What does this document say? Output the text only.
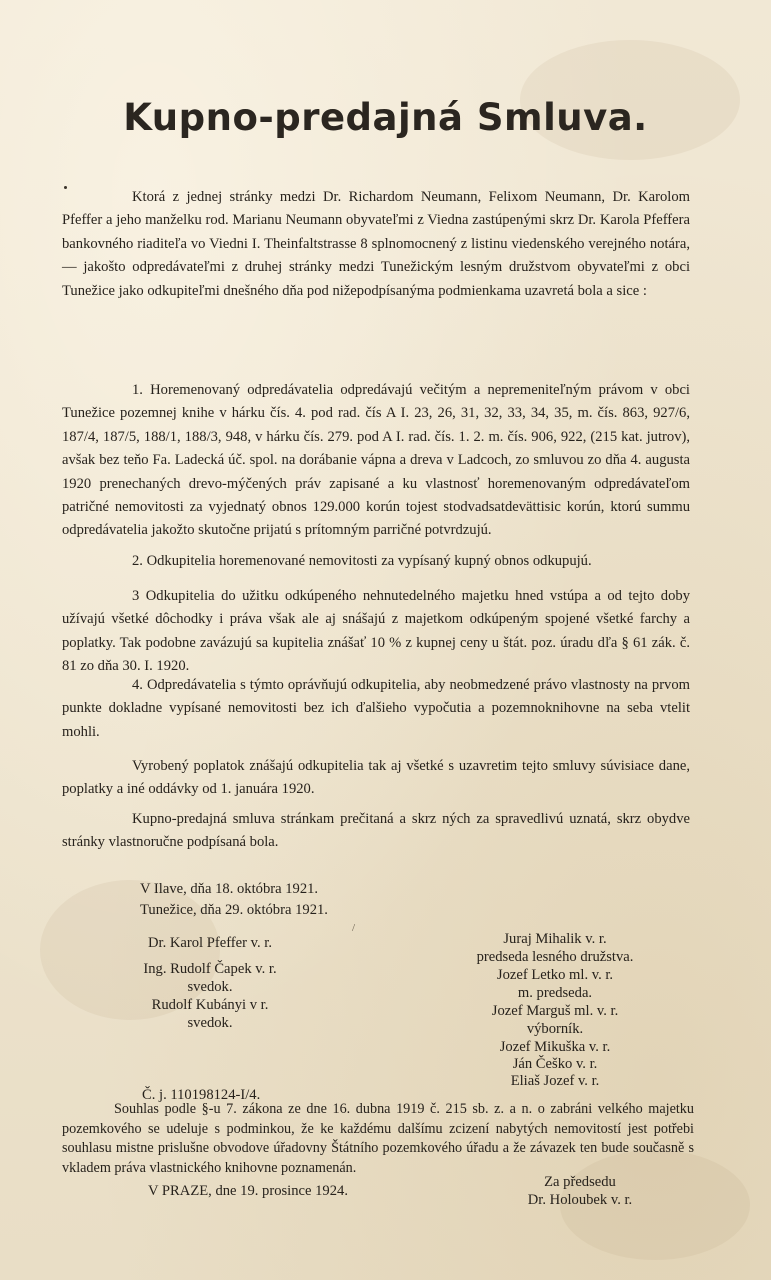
Kupno-predajná Smluva.

Ktorá z jednej stránky medzi Dr. Richardom Neumann, Felixom Neumann, Dr. Karolom Pfeffer a jeho manželku rod. Marianu Neumann obyvateľmi z Viedna zastúpenými skrz Dr. Karola Pfeffera bankovného riaditeľa vo Viedni I. Theinfaltstrasse 8 splnomocnený z listinu viedenského verejného notára, — jakošto odpredávateľmi z druhej stránky medzi Tunežickým lesným družstvom obyvateľmi z obci Tunežice jako odkupiteľmi dnešného dňa pod nižepodpísanýma podmienkama uzavretá bola a sice :

1. Horemenovaný odpredávatelia odpredávajú večitým a nepremeniteľným právom v obci Tunežice pozemnej knihe v hárku čís. 4. pod rad. čís A I. 23, 26, 31, 32, 33, 34, 35, m. čís. 863, 927/6, 187/4, 187/5, 188/1, 188/3, 948, v hárku čís. 279. pod A I. rad. čís. 1. 2. m. čís. 906, 922, (215 kat. jutrov), avšak bez teňo Fa. Ladecká úč. spol. na dorábanie vápna a dreva v Ladcoch, zo smluvou zo dňa 4. augusta 1920 prenechaných drevo-mýčených práv zapisané a ku vlastnosť horemenovaným odpredávateľom patričné nemovitosti za vyjednatý obnos 129.000 korún tojest stodvadsatdevättisic korún, ktorú summu odpredávatelia jakožto skutočne prijatú s prítomným parričné potvrdzujú.

2. Odkupitelia horemenované nemovitosti za vypísaný kupný obnos odkupujú.

3 Odkupitelia do užitku odkúpeného nehnutedelného majetku hned vstúpa a od tejto doby užívajú všetké dôchodky i práva však ale aj snášajú z majetkom odkúpeným spojené všetké farchy a poplatky. Tak podobne zavázujú sa kupitelia znášať 10 % z kupnej ceny u štát. poz. úradu dľa § 61 zák. č. 81 zo dňa 30. I. 1920.

4. Odpredávatelia s týmto oprávňujú odkupitelia, aby neobmedzené právo vlastnosty na prvom punkte dokladne vypísané nemovitosti bez ich ďalšieho vypočutia a pozemnoknihovne na seba vtelit mohli.

Vyrobený poplatok znášajú odkupitelia tak aj všetké s uzavretim tejto smluvy súvisiace dane, poplatky a iné oddávky od 1. januára 1920.

Kupno-predajná smluva stránkam prečitaná a skrz ných za spravedlivú uznatá, skrz obydve stránky vlastnoručne podpísaná bola.

V Ilave, dňa 18. októbra 1921.
Tunežice, dňa 29. októbra 1921.
/
Dr. Karol Pfeffer v. r.
Ing. Rudolf Čapek v. r.
svedok.
Rudolf Kubányi v r.
svedok.
Juraj Mihalik v. r.
predseda lesného družstva.
Jozef Letko ml. v. r.
m. predseda.
Jozef Marguš ml. v. r.
výborník.
Jozef Mikuška v. r.
Ján Češko v. r.
Eliaš Jozef v. r.
Č. j. 110198124-I/4.

Souhlas podle §-u 7. zákona ze dne 16. dubna 1919 č. 215 sb. z. a n. o zabráni velkého majetku pozemkového se udeluje s podminkou, že ke každému dalšímu zcizení nabytých nemovitostí jest potřebi souhlasu mistne prislušne obvodove úřadovny Štátního pozemkového úřadu a že závazek ten bude současně s vkladem práva vlastnického knihovne poznamenán.

V PRAZE, dne 19. prosince 1924.
Za předsedu
Dr. Holoubek v. r.
